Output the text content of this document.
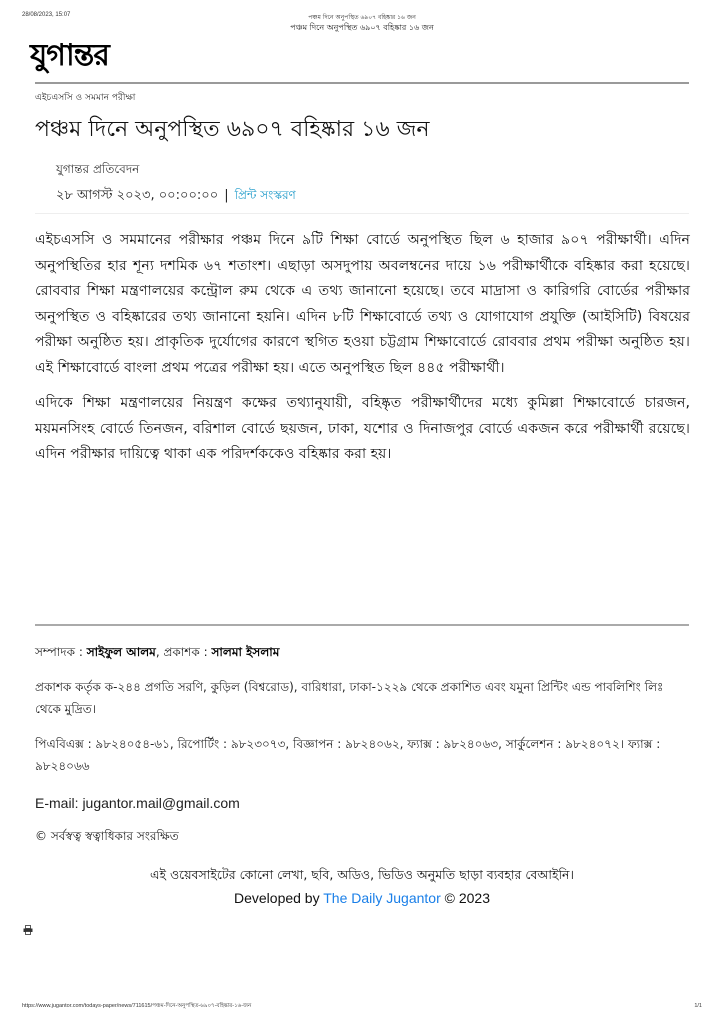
28/08/2023, 15:07	পঞ্চম দিনে অনুপস্থিত ৬৯০৭ বহিষ্কার ১৬ জন
পঞ্চম দিনে অনুপস্থিত ৬৯০৭ বহিষ্কার ১৬ জন
যুগান্তর
এইচএসসি ও সমমান পরীক্ষা
পঞ্চম দিনে অনুপস্থিত ৬৯০৭ বহিষ্কার ১৬ জন
যুগান্তর প্রতিবেদন
২৮ আগস্ট ২০২৩, ০০:০০:০০ | প্রিন্ট সংস্করণ

এইচএসসি ও সমমানের পরীক্ষার পঞ্চম দিনে ৯টি শিক্ষা বোর্ডে অনুপস্থিত ছিল ৬ হাজার ৯০৭ পরীক্ষার্থী। এদিন অনুপস্থিতির হার শূন্য দশমিক ৬৭ শতাংশ। এছাড়া অসদুপায় অবলম্বনের দায়ে ১৬ পরীক্ষার্থীকে বহিষ্কার করা হয়েছে। রোববার শিক্ষা মন্ত্রণালয়ের কন্ট্রোল রুম থেকে এ তথ্য জানানো হয়েছে। তবে মাদ্রাসা ও কারিগরি বোর্ডের পরীক্ষার অনুপস্থিত ও বহিষ্কারের তথ্য জানানো হয়নি। এদিন ৮টি শিক্ষাবোর্ডে তথ্য ও যোগাযোগ প্রযুক্তি (আইসিটি) বিষয়ের পরীক্ষা অনুষ্ঠিত হয়। প্রাকৃতিক দুর্যোগের কারণে স্থগিত হওয়া চট্টগ্রাম শিক্ষাবোর্ডে রোববার প্রথম পরীক্ষা অনুষ্ঠিত হয়। এই শিক্ষাবোর্ডে বাংলা প্রথম পত্রের পরীক্ষা হয়। এতে অনুপস্থিত ছিল ৪৪৫ পরীক্ষার্থী।

এদিকে শিক্ষা মন্ত্রণালয়ের নিয়ন্ত্রণ কক্ষের তথ্যানুযায়ী, বহিষ্কৃত পরীক্ষার্থীদের মধ্যে কুমিল্লা শিক্ষাবোর্ডে চারজন, ময়মনসিংহ বোর্ডে তিনজন, বরিশাল বোর্ডে ছয়জন, ঢাকা, যশোর ও দিনাজপুর বোর্ডে একজন করে পরীক্ষার্থী রয়েছে। এদিন পরীক্ষার দায়িত্বে থাকা এক পরিদর্শককেও বহিষ্কার করা হয়।

সম্পাদক : সাইফুল আলম, প্রকাশক : সালমা ইসলাম
প্রকাশক কর্তৃক ক-২৪৪ প্রগতি সরণি, কুড়িল (বিশ্বরোড), বারিধারা, ঢাকা-১২২৯ থেকে প্রকাশিত এবং যমুনা প্রিন্টিং এন্ড পাবলিশিং লিঃ থেকে মুদ্রিত।
পিএবিএক্স : ৯৮২৪০৫৪-৬১, রিপোর্টিং : ৯৮২৩০৭৩, বিজ্ঞাপন : ৯৮২৪০৬২, ফ্যাক্স : ৯৮২৪০৬৩, সার্কুলেশন : ৯৮২৪০৭২। ফ্যাক্স : ৯৮২৪০৬৬
E-mail: jugantor.mail@gmail.com
© সর্বস্বত্ব স্বত্বাধিকার সংরক্ষিত
এই ওয়েবসাইটের কোনো লেখা, ছবি, অডিও, ভিডিও অনুমতি ছাড়া ব্যবহার বেআইনি।
Developed by The Daily Jugantor © 2023
https://www.jugantor.com/todays-paper/news/711615/পঞ্চম-দিনে-অনুপস্থিত-৬৯০৭-বহিষ্কার-১৬-জন	1/1
